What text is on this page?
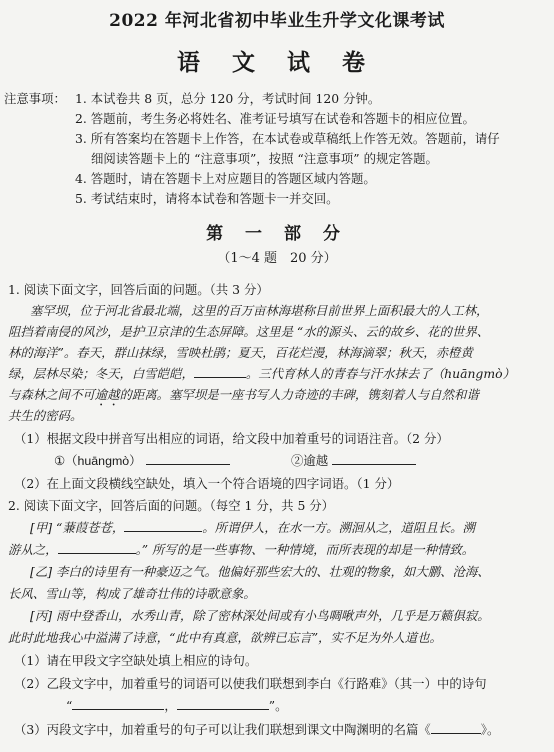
2022 年河北省初中毕业生升学文化课考试
语 文 试 卷
注意事项： 1. 本试卷共 8 页，总分 120 分，考试时间 120 分钟。
2. 答题前，考生务必将姓名、准考证号填写在试卷和答题卡的相应位置。
3. 所有答案均在答题卡上作答，在本试卷或草稿纸上作答无效。答题前，请仔
细阅读答题卡上的 “注意事项”，按照 “注意事项” 的规定答题。
4. 答题时，请在答题卡上对应题目的答题区域内答题。
5. 考试结束时，请将本试卷和答题卡一并交回。
第 一 部 分
（1～4 题　20 分）
1. 阅读下面文字，回答后面的问题。（共 3 分）
塞罕坝，位于河北省最北端，这里的百万亩林海堪称目前世界上面积最大的人工林，
阻挡着南侵的风沙，是护卫京津的生态屏障。这里是 “水的源头、云的故乡、花的世界、
林的海洋”。春天，群山抹绿，雪映杜鹃；夏天，百花烂漫，林海滴翠；秋天，赤橙黄
绿，层林尽染；冬天，白雪皑皑，	。三代育林人的青春与汗水抹去了（huāngmò）
与森林之间不可逾越的距离。塞罕坝是一座书写人力奇迹的丰碑，镌刻着人与自然和谐
共生的密码。
（1）根据文段中拼音写出相应的词语，给文段中加着重号的词语注音。（2 分）
①（huāngmò）	②逾越
（2）在上面文段横线空缺处，填入一个符合语境的四字词语。（1 分）
2. 阅读下面文字，回答后面的问题。（每空 1 分，共 5 分）
[甲] “蒹葭苍苍，	。所谓伊人，在水一方。溯洄从之，道阻且长。溯
游从之，	。” 所写的是一些事物、一种情境，而所表现的却是一种情致。
[乙] 李白的诗里有一种豪迈之气。他偏好那些宏大的、壮观的物象，如大鹏、沧海、
长风、雪山等，构成了雄奇壮伟的诗歌意象。
[丙] 雨中登香山，水秀山青，除了密林深处间或有小鸟啁啾声外，几乎是万籁俱寂。
此时此地我心中溢满了诗意，“此中有真意，欲辨已忘言”，实不足为外人道也。
（1）请在甲段文字空缺处填上相应的诗句。
（2）乙段文字中，加着重号的词语可以使我们联想到李白《行路难》（其一）中的诗句
“	，	”。
（3）丙段文字中，加着重号的句子可以让我们联想到课文中陶渊明的名篇《	》。
